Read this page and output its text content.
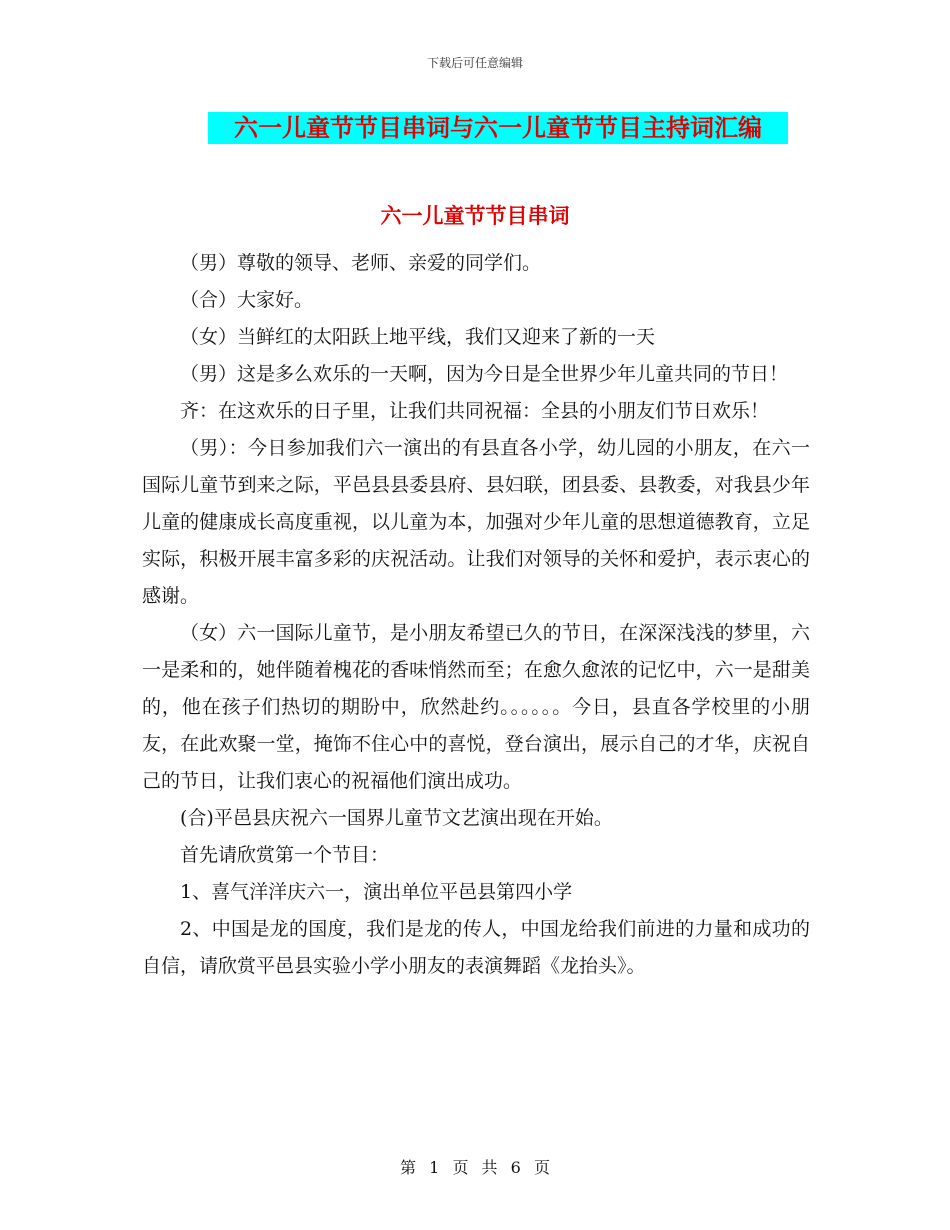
下载后可任意编辑
六一儿童节节目串词与六一儿童节节目主持词汇编
六一儿童节节目串词

（男）尊敬的领导、老师、亲爱的同学们。

（合）大家好。

（女）当鲜红的太阳跃上地平线，我们又迎来了新的一天

（男）这是多么欢乐的一天啊，因为今日是全世界少年儿童共同的节日！

齐：在这欢乐的日子里，让我们共同祝福：全县的小朋友们节日欢乐！

（男）：今日参加我们六一演出的有县直各小学，幼儿园的小朋友，在六一国际儿童节到来之际，平邑县县委县府、县妇联，团县委、县教委，对我县少年儿童的健康成长高度重视，以儿童为本，加强对少年儿童的思想道德教育，立足实际，积极开展丰富多彩的庆祝活动。让我们对领导的关怀和爱护，表示衷心的感谢。

（女）六一国际儿童节，是小朋友希望已久的节日，在深深浅浅的梦里，六一是柔和的，她伴随着槐花的香味悄然而至；在愈久愈浓的记忆中，六一是甜美的，他在孩子们热切的期盼中，欣然赴约。。。。。。今日，县直各学校里的小朋友，在此欢聚一堂，掩饰不住心中的喜悦，登台演出，展示自己的才华，庆祝自己的节日，让我们衷心的祝福他们演出成功。

(合)平邑县庆祝六一国界儿童节文艺演出现在开始。

首先请欣赏第一个节目：

1、喜气洋洋庆六一，演出单位平邑县第四小学

2、中国是龙的国度，我们是龙的传人，中国龙给我们前进的力量和成功的自信，请欣赏平邑县实验小学小朋友的表演舞蹈《龙抬头》。

第 1 页 共 6 页
